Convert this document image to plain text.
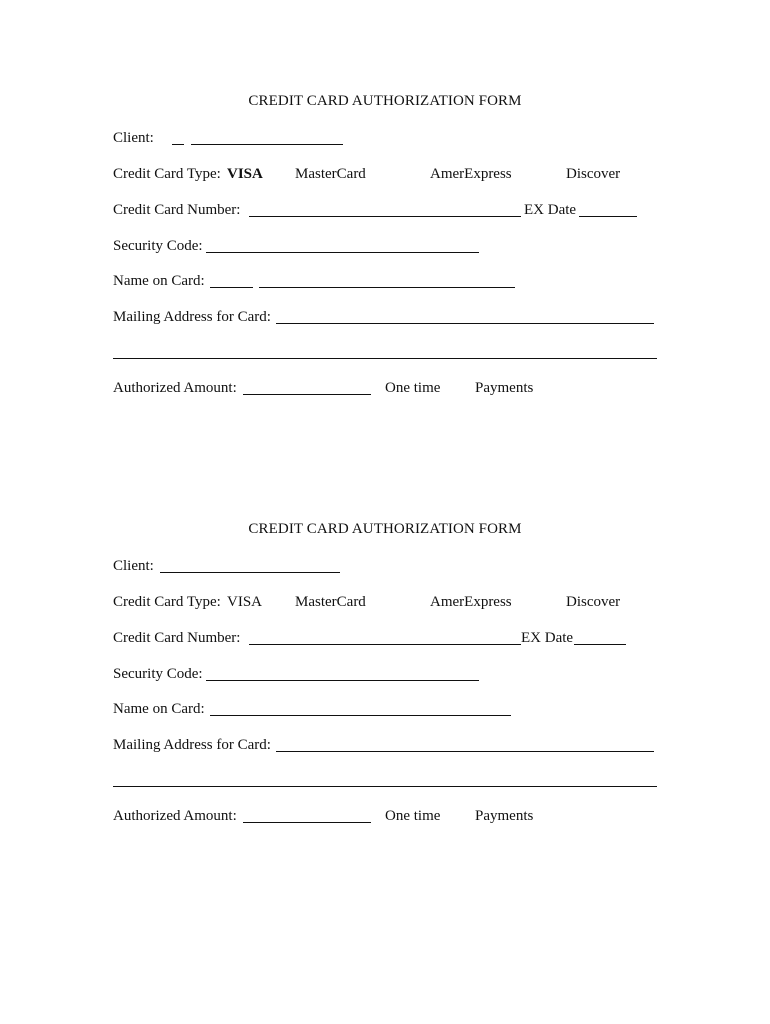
CREDIT CARD AUTHORIZATION FORM
Client:
Credit Card Type: VISA MasterCard	AmerExpress	Discover
Credit Card Number:	EX Date
Security Code:
Name on Card:
Mailing Address for Card:
Authorized Amount:	One time Payments
CREDIT CARD AUTHORIZATION FORM
Client:
Credit Card Type: VISA MasterCard	AmerExpress	Discover
Credit Card Number:	EX Date
Security Code:
Name on Card:
Mailing Address for Card:
Authorized Amount:	One time Payments
